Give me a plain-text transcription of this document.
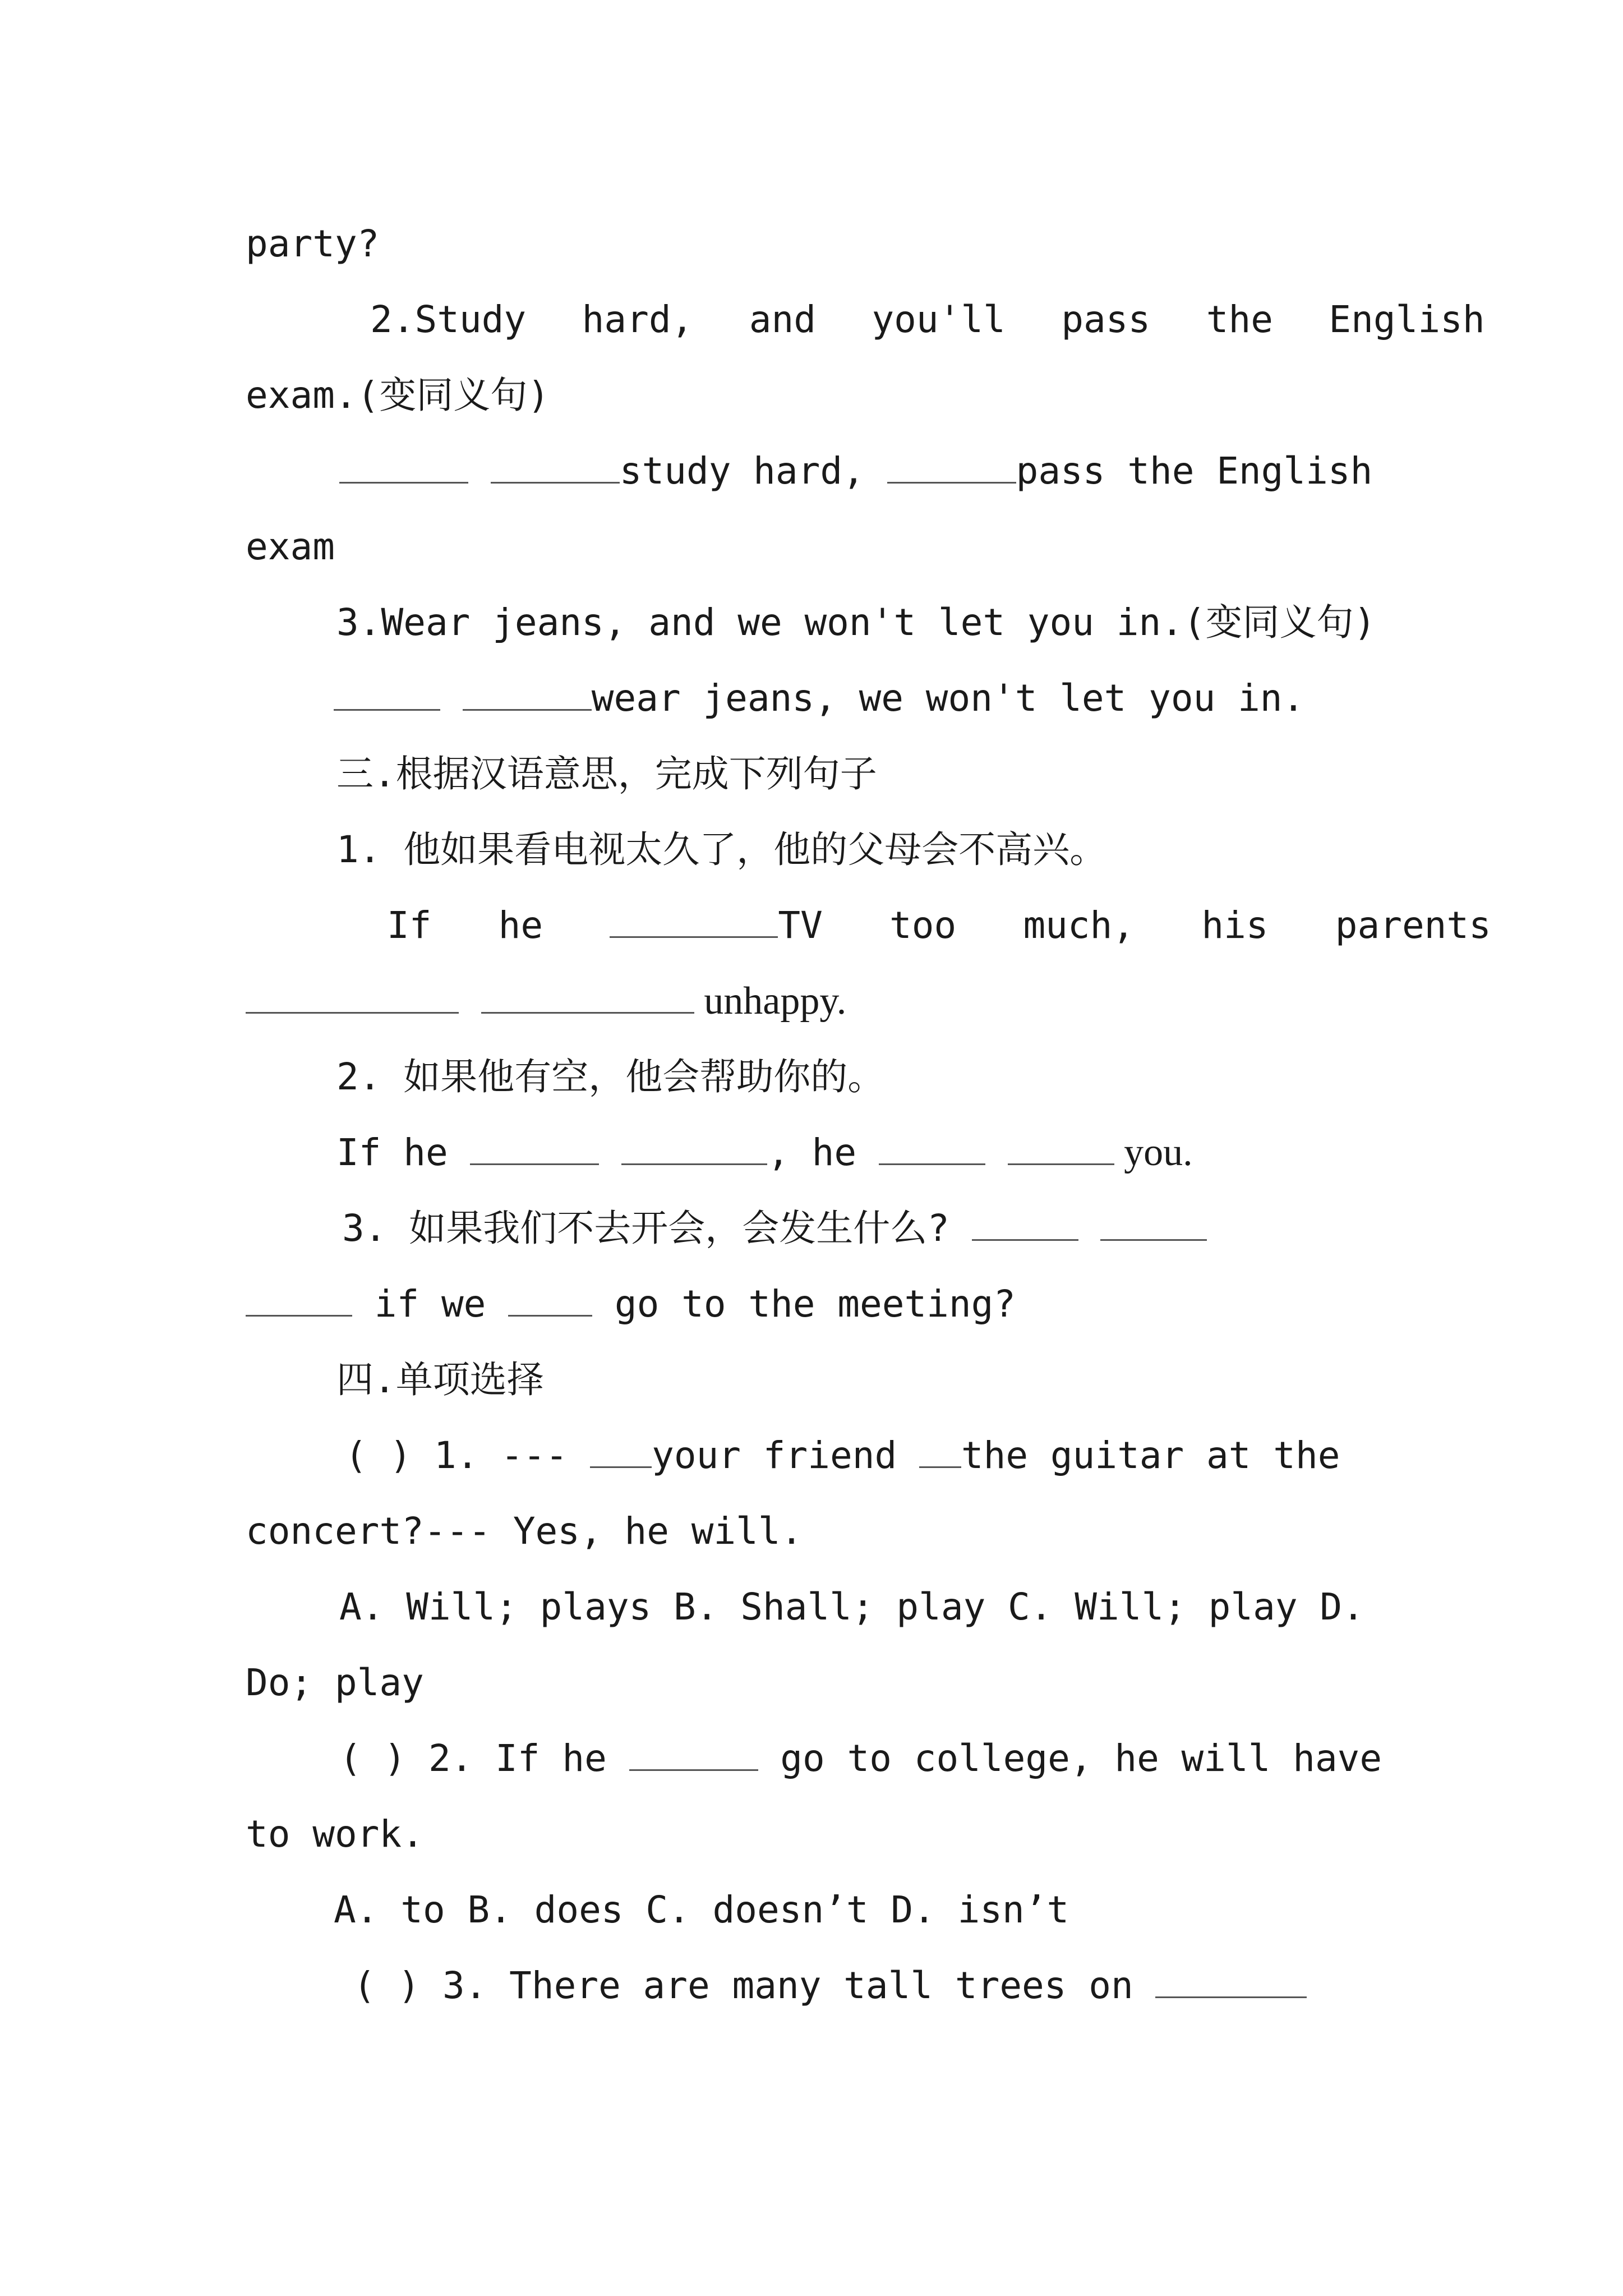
party?
2.Study  hard,  and  you'll  pass  the  English
exam.(变同义句)
study hard,	pass the English
exam
3.Wear jeans, and we won't let you in.(变同义句)
wear jeans, we won't let you in.
三.根据汉语意思，完成下列句子
1. 他如果看电视太久了，他的父母会不高兴。
If   he	TV   too   much,   his   parents
unhappy.
2. 如果他有空，他会帮助你的。
If he	, he	you.
3. 如果我们不去开会，会发生什么?
if we  go to the meeting?
四.单项选择
( ) 1. --- your friend the guitar at the
concert?--- Yes, he will.
A. Will; plays B. Shall; play C. Will; play D.
Do; play
( ) 2. If he	go to college, he will have
to work.
A. to B. does C. doesn’t D. isn’t
( ) 3. There are many tall trees on
